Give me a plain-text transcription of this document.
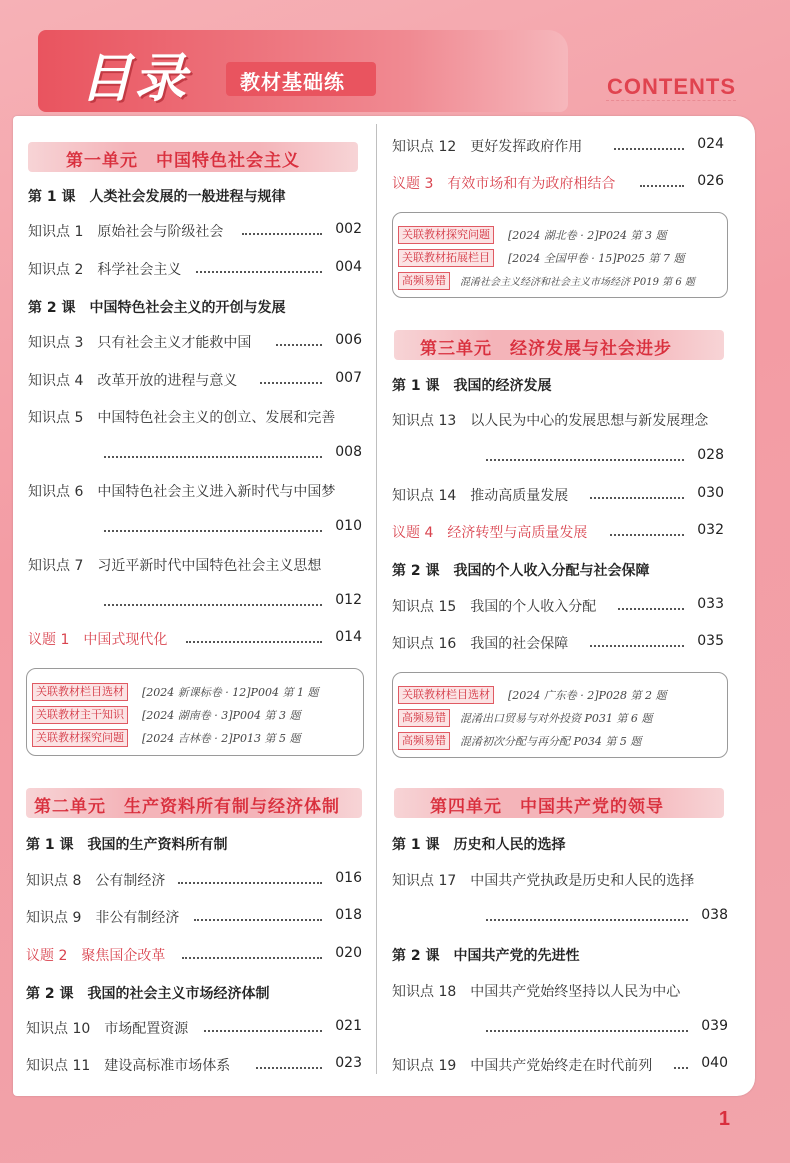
目录	教材基础练	CONTENTS
第一单元　中国特色社会主义
第 1 课　人类社会发展的一般进程与规律
知识点 1　原始社会与阶级社会	002
知识点 2　科学社会主义	004
第 2 课　中国特色社会主义的开创与发展
知识点 3　只有社会主义才能救中国	006
知识点 4　改革开放的进程与意义	007
知识点 5　中国特色社会主义的创立、发展和完善
008
知识点 6　中国特色社会主义进入新时代与中国梦
010
知识点 7　习近平新时代中国特色社会主义思想
012
议题 1　中国式现代化	014
关联教材栏目选材	[2024 新课标卷 · 12]P004 第 1 题
关联教材主干知识	[2024 湖南卷 · 3]P004 第 3 题
关联教材探究问题	[2024 吉林卷 · 2]P013 第 5 题
第二单元　生产资料所有制与经济体制
第 1 课　我国的生产资料所有制
知识点 8　公有制经济	016
知识点 9　非公有制经济	018
议题 2　聚焦国企改革	020
第 2 课　我国的社会主义市场经济体制
知识点 10　市场配置资源	021
知识点 11　建设高标准市场体系	023
知识点 12　更好发挥政府作用	024
议题 3　有效市场和有为政府相结合	026
关联教材探究问题	[2024 湖北卷 · 2]P024 第 3 题
关联教材拓展栏目	[2024 全国甲卷 · 15]P025 第 7 题
高频易错	混淆社会主义经济和社会主义市场经济 P019 第 6 题
第三单元　经济发展与社会进步
第 1 课　我国的经济发展
知识点 13　以人民为中心的发展思想与新发展理念
028
知识点 14　推动高质量发展	030
议题 4　经济转型与高质量发展	032
第 2 课　我国的个人收入分配与社会保障
知识点 15　我国的个人收入分配	033
知识点 16　我国的社会保障	035
关联教材栏目选材	[2024 广东卷 · 2]P028 第 2 题
高频易错	混淆出口贸易与对外投资 P031 第 6 题
高频易错	混淆初次分配与再分配 P034 第 5 题
第四单元　中国共产党的领导
第 1 课　历史和人民的选择
知识点 17　中国共产党执政是历史和人民的选择
038
第 2 课　中国共产党的先进性
知识点 18　中国共产党始终坚持以人民为中心
039
知识点 19　中国共产党始终走在时代前列	040
1
